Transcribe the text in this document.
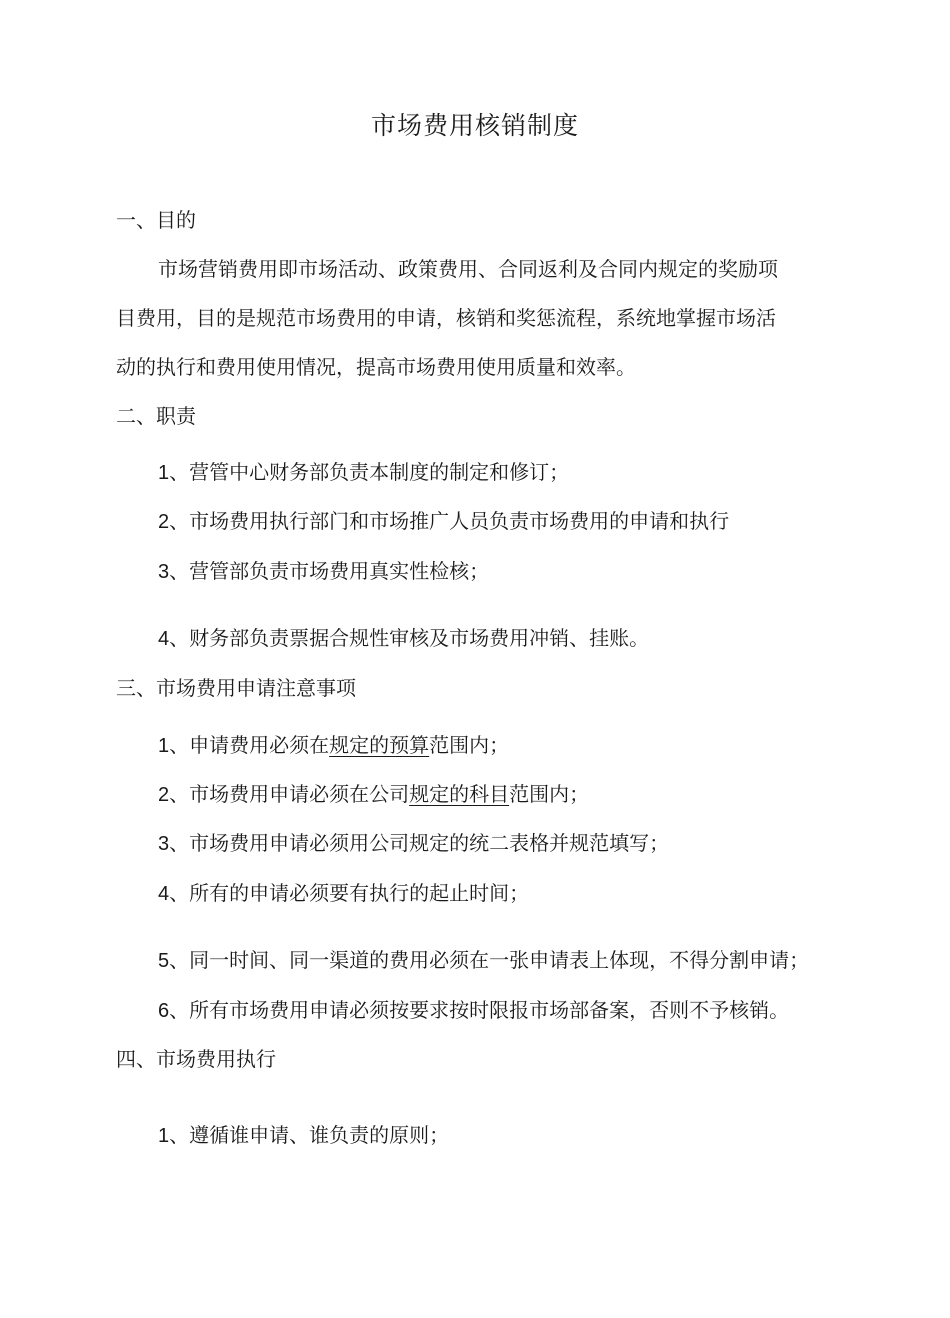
市场费用核销制度
一、目的
市场营销费用即市场活动、政策费用、合同返利及合同内规定的奖励项
目费用，目的是规范市场费用的申请，核销和奖惩流程，系统地掌握市场活
动的执行和费用使用情况，提高市场费用使用质量和效率。
二、职责
1、营管中心财务部负责本制度的制定和修订；
2、市场费用执行部门和市场推广人员负责市场费用的申请和执行
3、营管部负责市场费用真实性检核；
4、财务部负责票据合规性审核及市场费用冲销、挂账。
三、市场费用申请注意事项
1、申请费用必须在规定的预算范围内；
2、市场费用申请必须在公司规定的科目范围内；
3、市场费用申请必须用公司规定的统二表格并规范填写；
4、所有的申请必须要有执行的起止时间；
5、同一时间、同一渠道的费用必须在一张申请表上体现，不得分割申请；
6、所有市场费用申请必须按要求按时限报市场部备案，否则不予核销。
四、市场费用执行
1、遵循谁申请、谁负责的原则；
